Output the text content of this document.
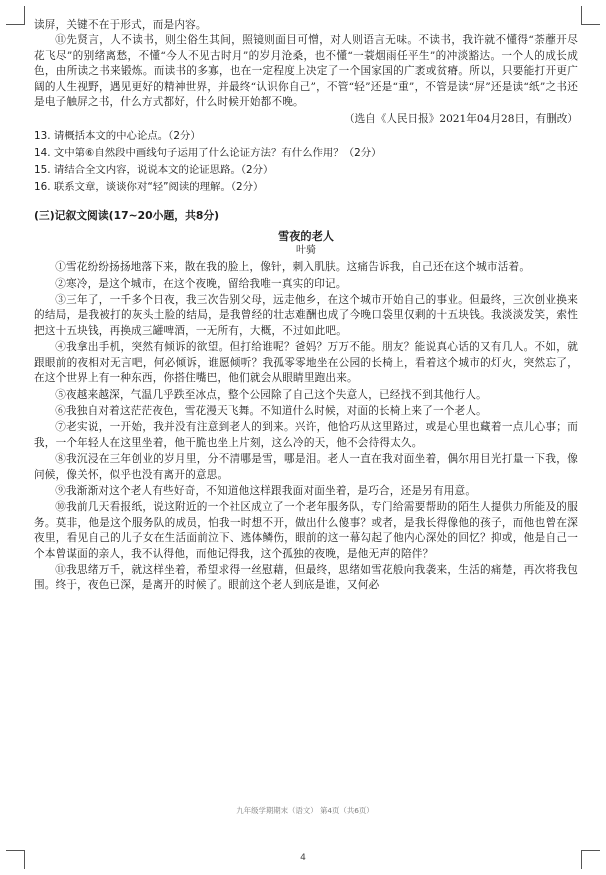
读屏，关键不在于形式，而是内容。

⑪先贤言，人不读书，则尘俗生其间，照镜则面目可憎，对人则语言无味。不读书，我许就不懂得“荼蘼开尽花飞尽”的别绪离愁，不懂“今人不见古时月”的岁月沧桑，也不懂“一蓑烟雨任平生”的冲淡豁达。一个人的成长成色，由所读之书来锻炼。而读书的多寡，也在一定程度上决定了一个国家国的广袤或贫瘠。所以，只要能打开更广阔的人生视野，遇见更好的精神世界，并最终“认识你自己”，不管“轻”还是“重”，不管是读“屏”还是读“纸”之书还是电子触屏之书，什么方式都好，什么时候开始都不晚。

（选自《人民日报》2021年04月28日，有删改）

13. 请概括本文的中心论点。（2分）

14. 文中第⑥自然段中画线句子运用了什么论证方法？有什么作用？（2分）

15. 请结合全文内容，说说本文的论证思路。（2分）

16. 联系文章，谈谈你对“轻”阅读的理解。（2分）

(三)记叙文阅读(17~20小题，共8分)

雪夜的老人

叶骑

①雪花纷纷扬扬地落下来，散在我的脸上，像针，刺入肌肤。这痛告诉我，自己还在这个城市活着。

②寒冷，是这个城市，在这个夜晚，留给我唯一真实的印记。

③三年了，一千多个日夜，我三次告别父母，远走他乡，在这个城市开始自己的事业。但最终，三次创业换来的结局，是我被打的灰头土脸的结局，是我曾经的壮志难酬也成了今晚口袋里仅剩的十五块钱。我淡淡发笑，索性把这十五块钱，再换成三罐啤酒，一无所有，大概，不过如此吧。

④我拿出手机，突然有倾诉的欲望。但打给谁呢？爸妈？万万不能。朋友？能说真心话的又有几人。不如，就跟眼前的夜相对无言吧，何必倾诉，谁愿倾听？我孤零零地坐在公园的长椅上，看着这个城市的灯火，突然忘了，在这个世界上有一种东西，你搭住嘴巴，他们就会从眼睛里跑出来。

⑤夜越来越深，气温几乎跌至冰点，整个公园除了自己这个失意人，已经找不到其他行人。

⑥我独自对着这茫茫夜色，雪花漫天飞舞。不知道什么时候，对面的长椅上来了一个老人。

⑦老实说，一开始，我并没有注意到老人的到来。兴许，他恰巧从这里路过，或是心里也藏着一点儿心事；而我，一个年轻人在这里坐着，他干脆也坐上片刻，这么冷的天，他不会待得太久。

⑧我沉浸在三年创业的岁月里，分不清哪是雪，哪是泪。老人一直在我对面坐着，偶尔用目光打量一下我，像问候，像关怀，似乎也没有离开的意思。

⑨我渐渐对这个老人有些好奇，不知道他这样跟我面对面坐着，是巧合，还是另有用意。

⑩我前几天看报纸，说这附近的一个社区成立了一个老年服务队，专门给需要帮助的陌生人提供力所能及的服务。莫非，他是这个服务队的成员，怕我一时想不开，做出什么傻事？或者，是我长得像他的孩子，而他也曾在深夜里，看见自己的儿子女在生活面前泣下、逃体鳞伤，眼前的这一幕勾起了他内心深处的回忆？抑或，他是自己一个本曾谋面的亲人，我不认得他，而他记得我，这个孤独的夜晚，是他无声的陪伴？

⑪我思绪万千，就这样坐着，希望求得一丝慰藉，但最终，思绪如雪花般向我袭来，生活的痛楚，再次将我包围。终于，夜色已深，是离开的时候了。眼前这个老人到底是谁，又何必

九年级学期期末（语文） 第4页（共6页）
4
